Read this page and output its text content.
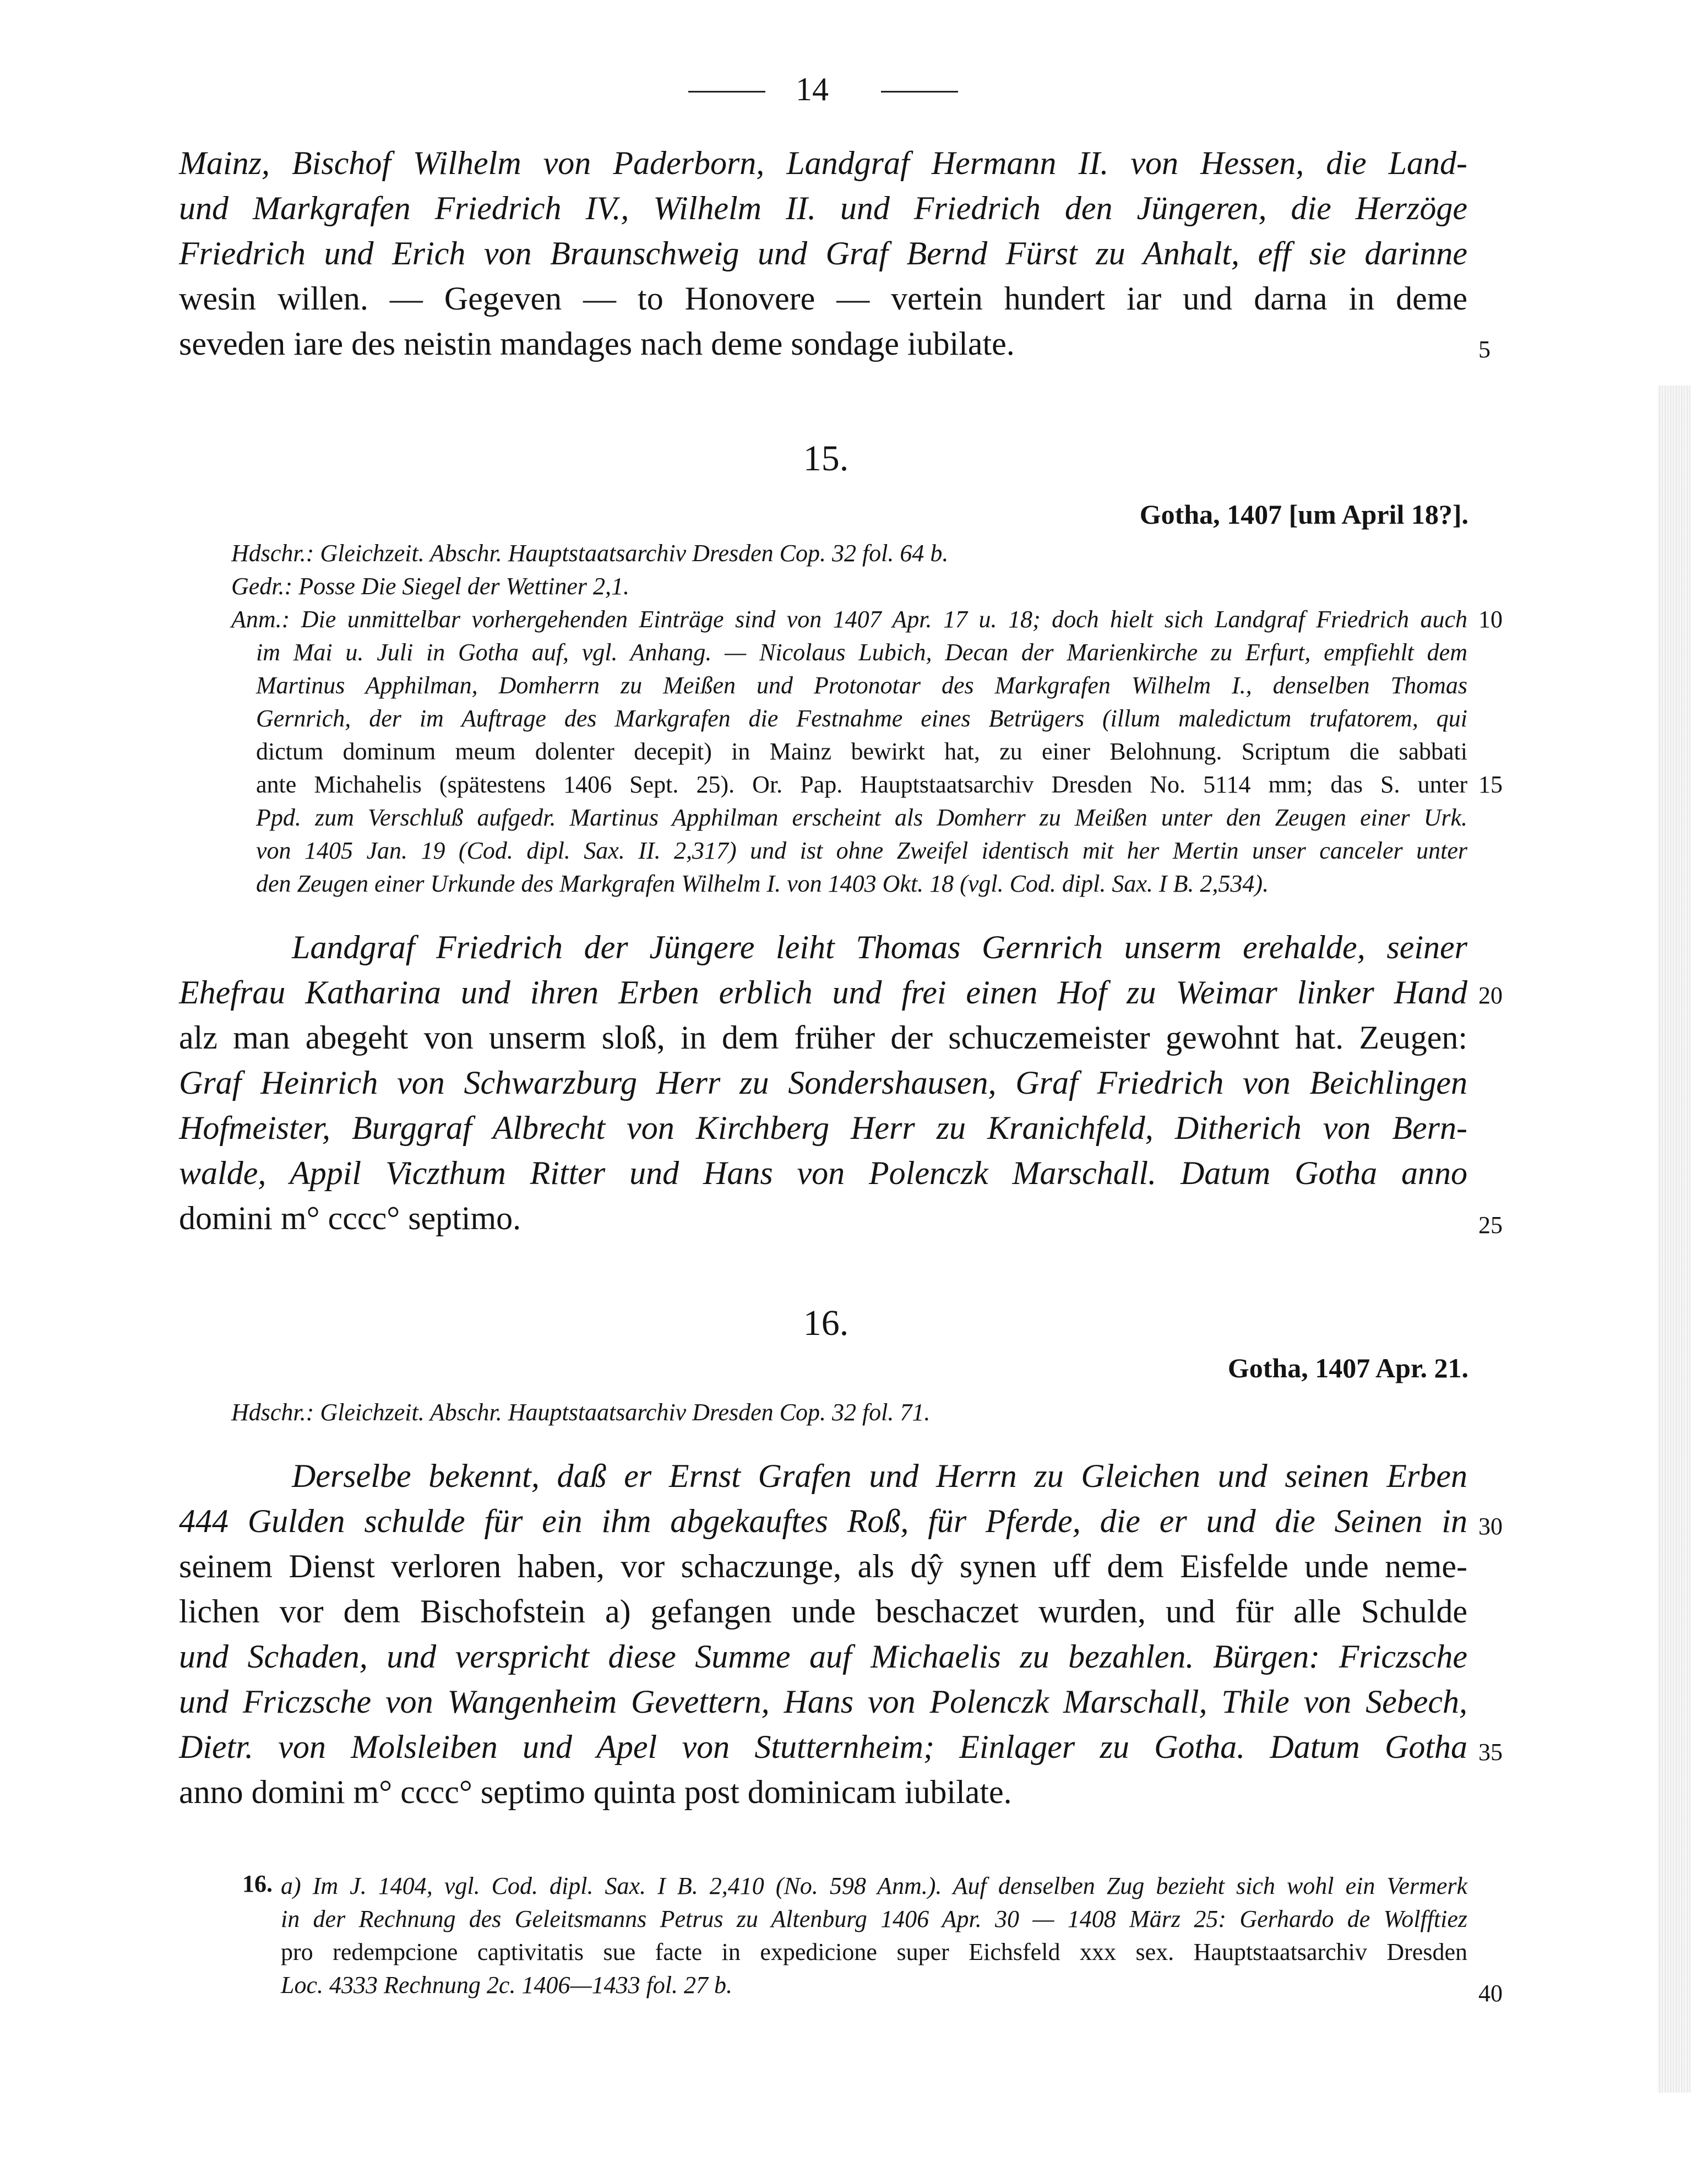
14
Mainz, Bischof Wilhelm von Paderborn, Landgraf Hermann II. von Hessen, die Land-
und Markgrafen Friedrich IV., Wilhelm II. und Friedrich den Jüngeren, die Herzöge
Friedrich und Erich von Braunschweig und Graf Bernd Fürst zu Anhalt, eff sie darinne
wesin willen. — Gegeven — to Honovere — vertein hundert iar und darna in deme
seveden iare des neistin mandages nach deme sondage iubilate.	5
15.
Gotha, 1407 [um April 18?].
Hdschr.: Gleichzeit. Abschr. Hauptstaatsarchiv Dresden Cop. 32 fol. 64 b.
Gedr.: Posse Die Siegel der Wettiner 2,1.
Anm.: Die unmittelbar vorhergehenden Einträge sind von 1407 Apr. 17 u. 18; doch hielt sich Landgraf Friedrich auch 10
im Mai u. Juli in Gotha auf, vgl. Anhang. — Nicolaus Lubich, Decan der Marienkirche zu Erfurt, empfiehlt dem
Martinus Apphilman, Domherrn zu Meißen und Protonotar des Markgrafen Wilhelm I., denselben Thomas
Gernrich, der im Auftrage des Markgrafen die Festnahme eines Betrügers (illum maledictum trufatorem, qui
dictum dominum meum dolenter decepit) in Mainz bewirkt hat, zu einer Belohnung. Scriptum die sabbati
ante Michahelis (spätestens 1406 Sept. 25). Or. Pap. Hauptstaatsarchiv Dresden No. 5114 mm; das S. unter 15
Ppd. zum Verschluß aufgedr. Martinus Apphilman erscheint als Domherr zu Meißen unter den Zeugen einer Urk.
von 1405 Jan. 19 (Cod. dipl. Sax. II. 2,317) und ist ohne Zweifel identisch mit her Mertin unser canceler unter
den Zeugen einer Urkunde des Markgrafen Wilhelm I. von 1403 Okt. 18 (vgl. Cod. dipl. Sax. I B. 2,534).
Landgraf Friedrich der Jüngere leiht Thomas Gernrich unserm erehalde, seiner
Ehefrau Katharina und ihren Erben erblich und frei einen Hof zu Weimar linker Hand 20
alz man abegeht von unserm sloß, in dem früher der schuczemeister gewohnt hat. Zeugen:
Graf Heinrich von Schwarzburg Herr zu Sondershausen, Graf Friedrich von Beichlingen
Hofmeister, Burggraf Albrecht von Kirchberg Herr zu Kranichfeld, Ditherich von Bern-
walde, Appil Viczthum Ritter und Hans von Polenczk Marschall. Datum Gotha anno
domini m° cccc° septimo.	25
16.
Gotha, 1407 Apr. 21.
Hdschr.: Gleichzeit. Abschr. Hauptstaatsarchiv Dresden Cop. 32 fol. 71.
Derselbe bekennt, daß er Ernst Grafen und Herrn zu Gleichen und seinen Erben
444 Gulden schulde für ein ihm abgekauftes Roß, für Pferde, die er und die Seinen in 30
seinem Dienst verloren haben, vor schaczunge, als dŷ synen uff dem Eisfelde unde neme-
lichen vor dem Bischofstein a) gefangen unde beschaczet wurden, und für alle Schulde
und Schaden, und verspricht diese Summe auf Michaelis zu bezahlen. Bürgen: Friczsche
und Friczsche von Wangenheim Gevettern, Hans von Polenczk Marschall, Thile von Sebech,
Dietr. von Molsleiben und Apel von Stutternheim; Einlager zu Gotha. Datum Gotha 35
anno domini m° cccc° septimo quinta post dominicam iubilate.
16. a) Im J. 1404, vgl. Cod. dipl. Sax. I B. 2,410 (No. 598 Anm.). Auf denselben Zug bezieht sich wohl ein Vermerk
in der Rechnung des Geleitsmanns Petrus zu Altenburg 1406 Apr. 30 — 1408 März 25: Gerhardo de Wolfftiez
pro redempcione captivitatis sue facte in expedicione super Eichsfeld xxx sex. Hauptstaatsarchiv Dresden
Loc. 4333 Rechnung 2c. 1406—1433 fol. 27 b.	40
